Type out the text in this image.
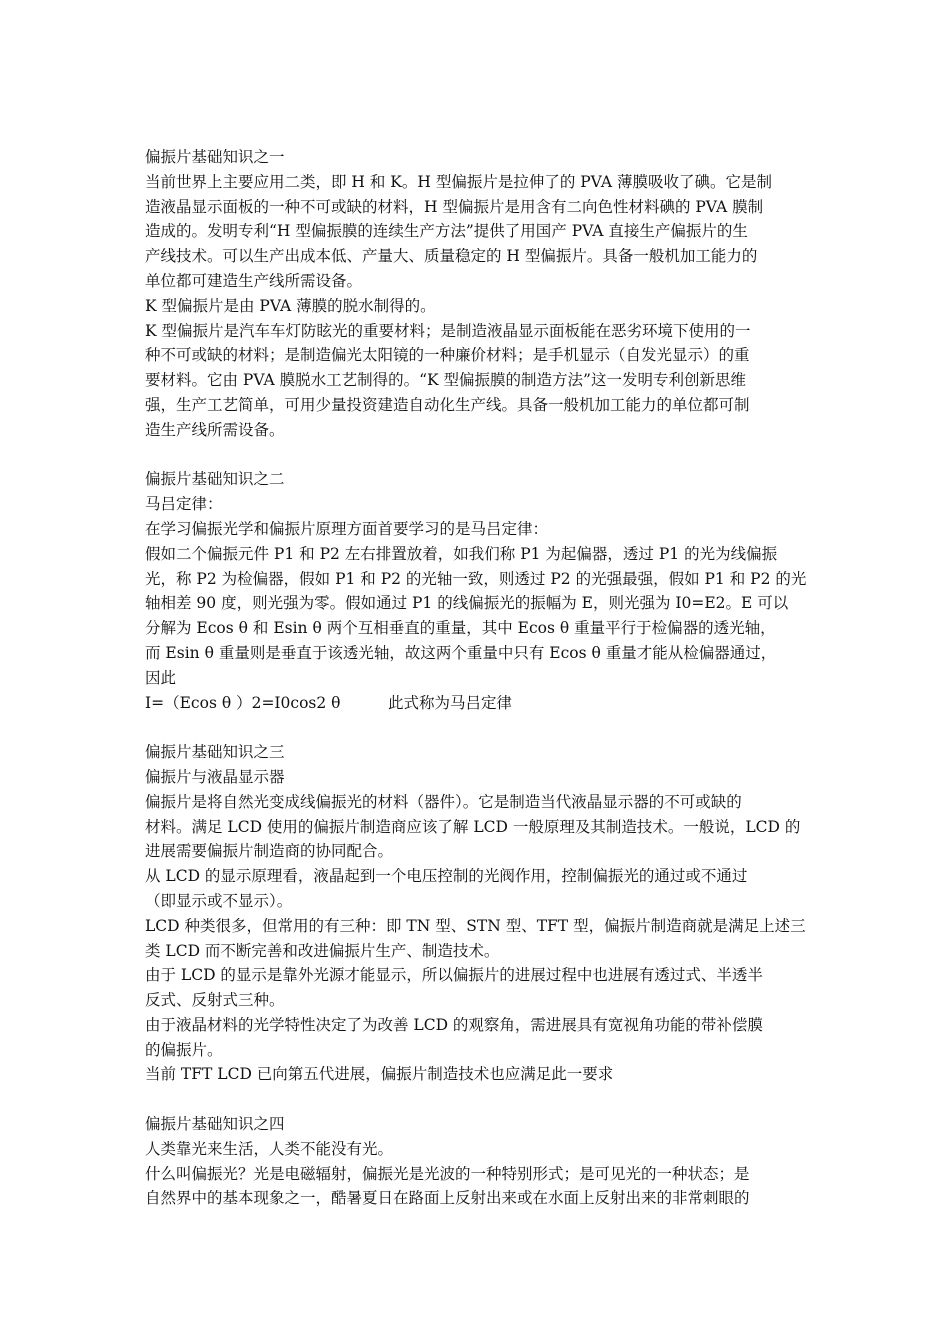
偏振片基础知识之一

当前世界上主要应用二类，即 H 和 K。H 型偏振片是拉伸了的 PVA 薄膜吸收了碘。它是制

造液晶显示面板的一种不可或缺的材料，H 型偏振片是用含有二向色性材料碘的 PVA 膜制

造成的。发明专利“H 型偏振膜的连续生产方法”提供了用国产 PVA 直接生产偏振片的生

产线技术。可以生产出成本低、产量大、质量稳定的 H 型偏振片。具备一般机加工能力的

单位都可建造生产线所需设备。

K 型偏振片是由 PVA 薄膜的脱水制得的。

K 型偏振片是汽车车灯防眩光的重要材料；是制造液晶显示面板能在恶劣环境下使用的一

种不可或缺的材料；是制造偏光太阳镜的一种廉价材料；是手机显示（自发光显示）的重

要材料。它由 PVA 膜脱水工艺制得的。“K 型偏振膜的制造方法”这一发明专利创新思维

强，生产工艺简单，可用少量投资建造自动化生产线。具备一般机加工能力的单位都可制

造生产线所需设备。

偏振片基础知识之二

马吕定律：

在学习偏振光学和偏振片原理方面首要学习的是马吕定律：

假如二个偏振元件 P1 和 P2 左右排置放着，如我们称 P1 为起偏器，透过 P1 的光为线偏振

光，称 P2 为检偏器，假如 P1 和 P2 的光轴一致，则透过 P2 的光强最强，假如 P1 和 P2 的光

轴相差 90 度，则光强为零。假如通过 P1 的线偏振光的振幅为 E，则光强为 I0=E2。E 可以

分解为 Ecos θ 和 Esin θ 两个互相垂直的重量，其中 Ecos θ 重量平行于检偏器的透光轴，

而 Esin θ 重量则是垂直于该透光轴，故这两个重量中只有 Ecos θ 重量才能从检偏器通过，

因此

I=（Ecos θ ）2=I0cos2 θ	此式称为马吕定律

偏振片基础知识之三

偏振片与液晶显示器

偏振片是将自然光变成线偏振光的材料（器件）。它是制造当代液晶显示器的不可或缺的

材料。满足 LCD 使用的偏振片制造商应该了解 LCD 一般原理及其制造技术。一般说，LCD 的

进展需要偏振片制造商的协同配合。

从 LCD 的显示原理看，液晶起到一个电压控制的光阀作用，控制偏振光的通过或不通过

（即显示或不显示）。

LCD 种类很多，但常用的有三种：即 TN 型、STN 型、TFT 型，偏振片制造商就是满足上述三

类 LCD 而不断完善和改进偏振片生产、制造技术。

由于 LCD 的显示是靠外光源才能显示，所以偏振片的进展过程中也进展有透过式、半透半

反式、反射式三种。

由于液晶材料的光学特性决定了为改善 LCD 的观察角，需进展具有宽视角功能的带补偿膜

的偏振片。

当前 TFT LCD 已向第五代进展，偏振片制造技术也应满足此一要求

偏振片基础知识之四

人类靠光来生活，人类不能没有光。

什么叫偏振光？光是电磁辐射，偏振光是光波的一种特别形式；是可见光的一种状态；是

自然界中的基本现象之一，酷暑夏日在路面上反射出来或在水面上反射出来的非常刺眼的
